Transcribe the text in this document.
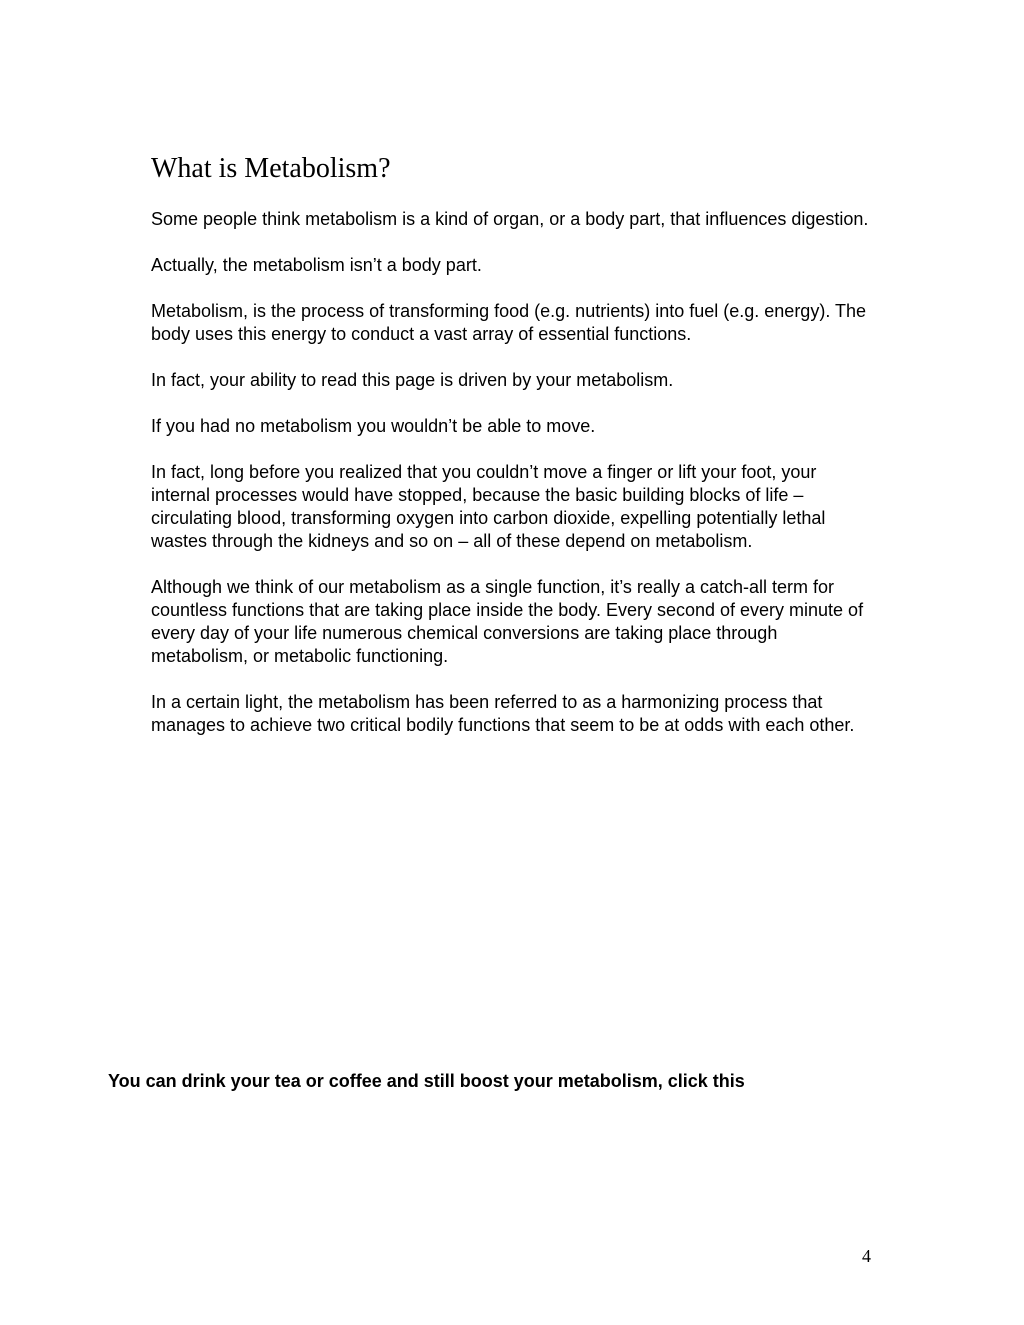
What is Metabolism?

Some people think metabolism is a kind of organ, or a body part, that influences digestion.

Actually, the metabolism isn’t a body part.

Metabolism, is the process of transforming food (e.g. nutrients) into fuel (e.g. energy). The body uses this energy to conduct a vast array of essential functions.

In fact, your ability to read this page is driven by your metabolism.

If you had no metabolism you wouldn’t be able to move.

In fact, long before you realized that you couldn’t move a finger or lift your foot, your internal processes would have stopped, because the basic building blocks of life – circulating blood, transforming oxygen into carbon dioxide, expelling potentially lethal wastes through the kidneys and so on – all of these depend on metabolism.

Although we think of our metabolism as a single function, it’s really a catch-all term for countless functions that are taking place inside the body. Every second of every minute of every day of your life numerous chemical conversions are taking place through metabolism, or metabolic functioning.

In a certain light, the metabolism has been referred to as a harmonizing process that manages to achieve two critical bodily functions that seem to be at odds with each other.

You can drink your tea or coffee and still boost your metabolism, click this

4
